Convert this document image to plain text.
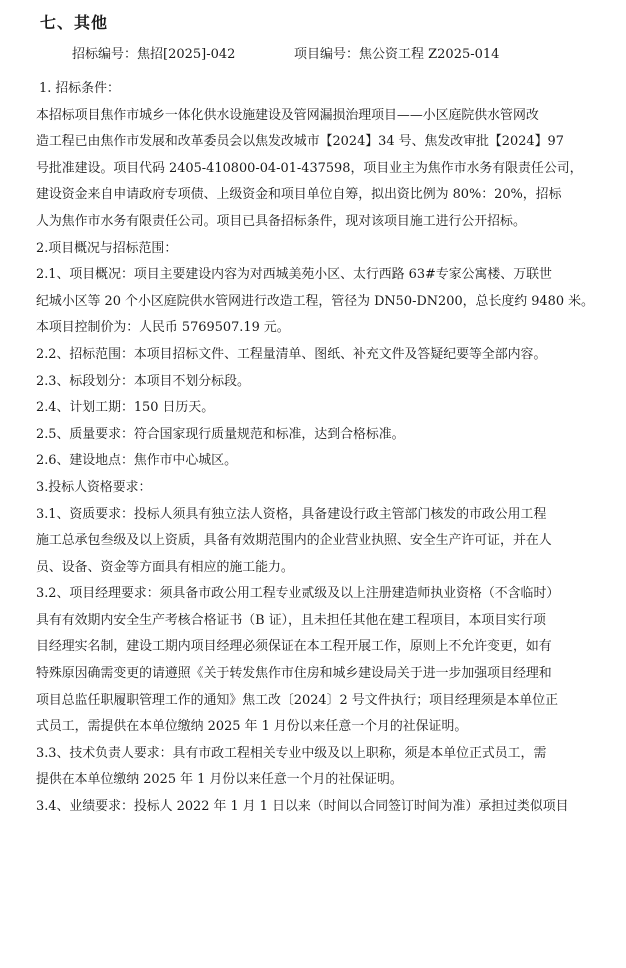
七、其他
招标编号：焦招[2025]-042	项目编号：焦公资工程 Z2025-014
1. 招标条件：
本招标项目焦作市城乡一体化供水设施建设及管网漏损治理项目——小区庭院供水管网改
造工程已由焦作市发展和改革委员会以焦发改城市【2024】34 号、焦发改审批【2024】97
号批准建设。项目代码 2405-410800-04-01-437598，项目业主为焦作市水务有限责任公司，
建设资金来自申请政府专项债、上级资金和项目单位自筹，拟出资比例为 80%：20%，招标
人为焦作市水务有限责任公司。项目已具备招标条件，现对该项目施工进行公开招标。
2.项目概况与招标范围：
2.1、项目概况：项目主要建设内容为对西城美苑小区、太行西路 63#专家公寓楼、万联世
纪城小区等 20 个小区庭院供水管网进行改造工程，管径为 DN50-DN200，总长度约 9480 米。
本项目控制价为：人民币 5769507.19 元。
2.2、招标范围：本项目招标文件、工程量清单、图纸、补充文件及答疑纪要等全部内容。
2.3、标段划分：本项目不划分标段。
2.4、计划工期：150 日历天。
2.5、质量要求：符合国家现行质量规范和标准，达到合格标准。
2.6、建设地点：焦作市中心城区。
3.投标人资格要求：
3.1、资质要求：投标人须具有独立法人资格，具备建设行政主管部门核发的市政公用工程
施工总承包叁级及以上资质，具备有效期范围内的企业营业执照、安全生产许可证，并在人
员、设备、资金等方面具有相应的施工能力。
3.2、项目经理要求：须具备市政公用工程专业贰级及以上注册建造师执业资格（不含临时）
具有有效期内安全生产考核合格证书（B 证），且未担任其他在建工程项目，本项目实行项
目经理实名制，建设工期内项目经理必须保证在本工程开展工作，原则上不允许变更，如有
特殊原因确需变更的请遵照《关于转发焦作市住房和城乡建设局关于进一步加强项目经理和
项目总监任职履职管理工作的通知》焦工改〔2024〕2 号文件执行；项目经理须是本单位正
式员工，需提供在本单位缴纳 2025 年 1 月份以来任意一个月的社保证明。
3.3、技术负责人要求：具有市政工程相关专业中级及以上职称，须是本单位正式员工，需
提供在本单位缴纳 2025 年 1 月份以来任意一个月的社保证明。
3.4、业绩要求：投标人 2022 年 1 月 1 日以来（时间以合同签订时间为准）承担过类似项目
